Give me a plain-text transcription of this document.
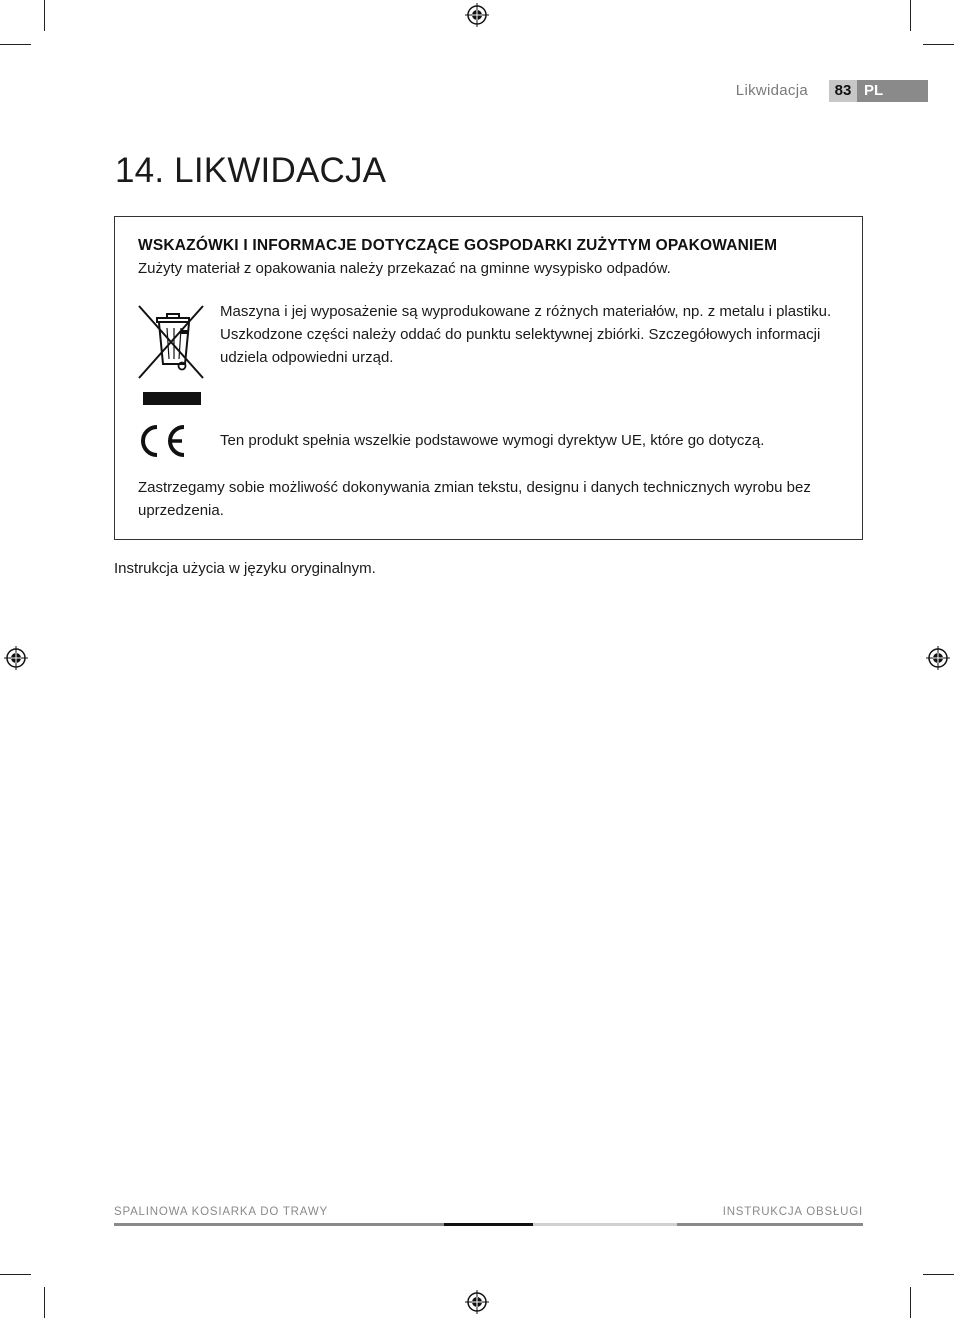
Likwidacja	83 PL
14. LIKWIDACJA
WSKAZÓWKI I INFORMACJE DOTYCZĄCE GOSPODARKI ZUŻYTYM OPAKOWANIEM
Zużyty materiał z opakowania należy przekazać na gminne wysypisko odpadów.
Maszyna i jej wyposażenie są wyprodukowane z różnych materiałów, np. z metalu i plastiku. Uszkodzone części należy oddać do punktu selektywnej zbiórki. Szczegółowych informacji udziela odpowiedni urząd.
Ten produkt spełnia wszelkie podstawowe wymogi dyrektyw UE, które go dotyczą.
Zastrzegamy sobie możliwość dokonywania zmian tekstu, designu i danych technicznych wyrobu bez uprzedzenia.
Instrukcja użycia w języku oryginalnym.
SPALINOWA KOSIARKA DO TRAWY	INSTRUKCJA OBSŁUGI
